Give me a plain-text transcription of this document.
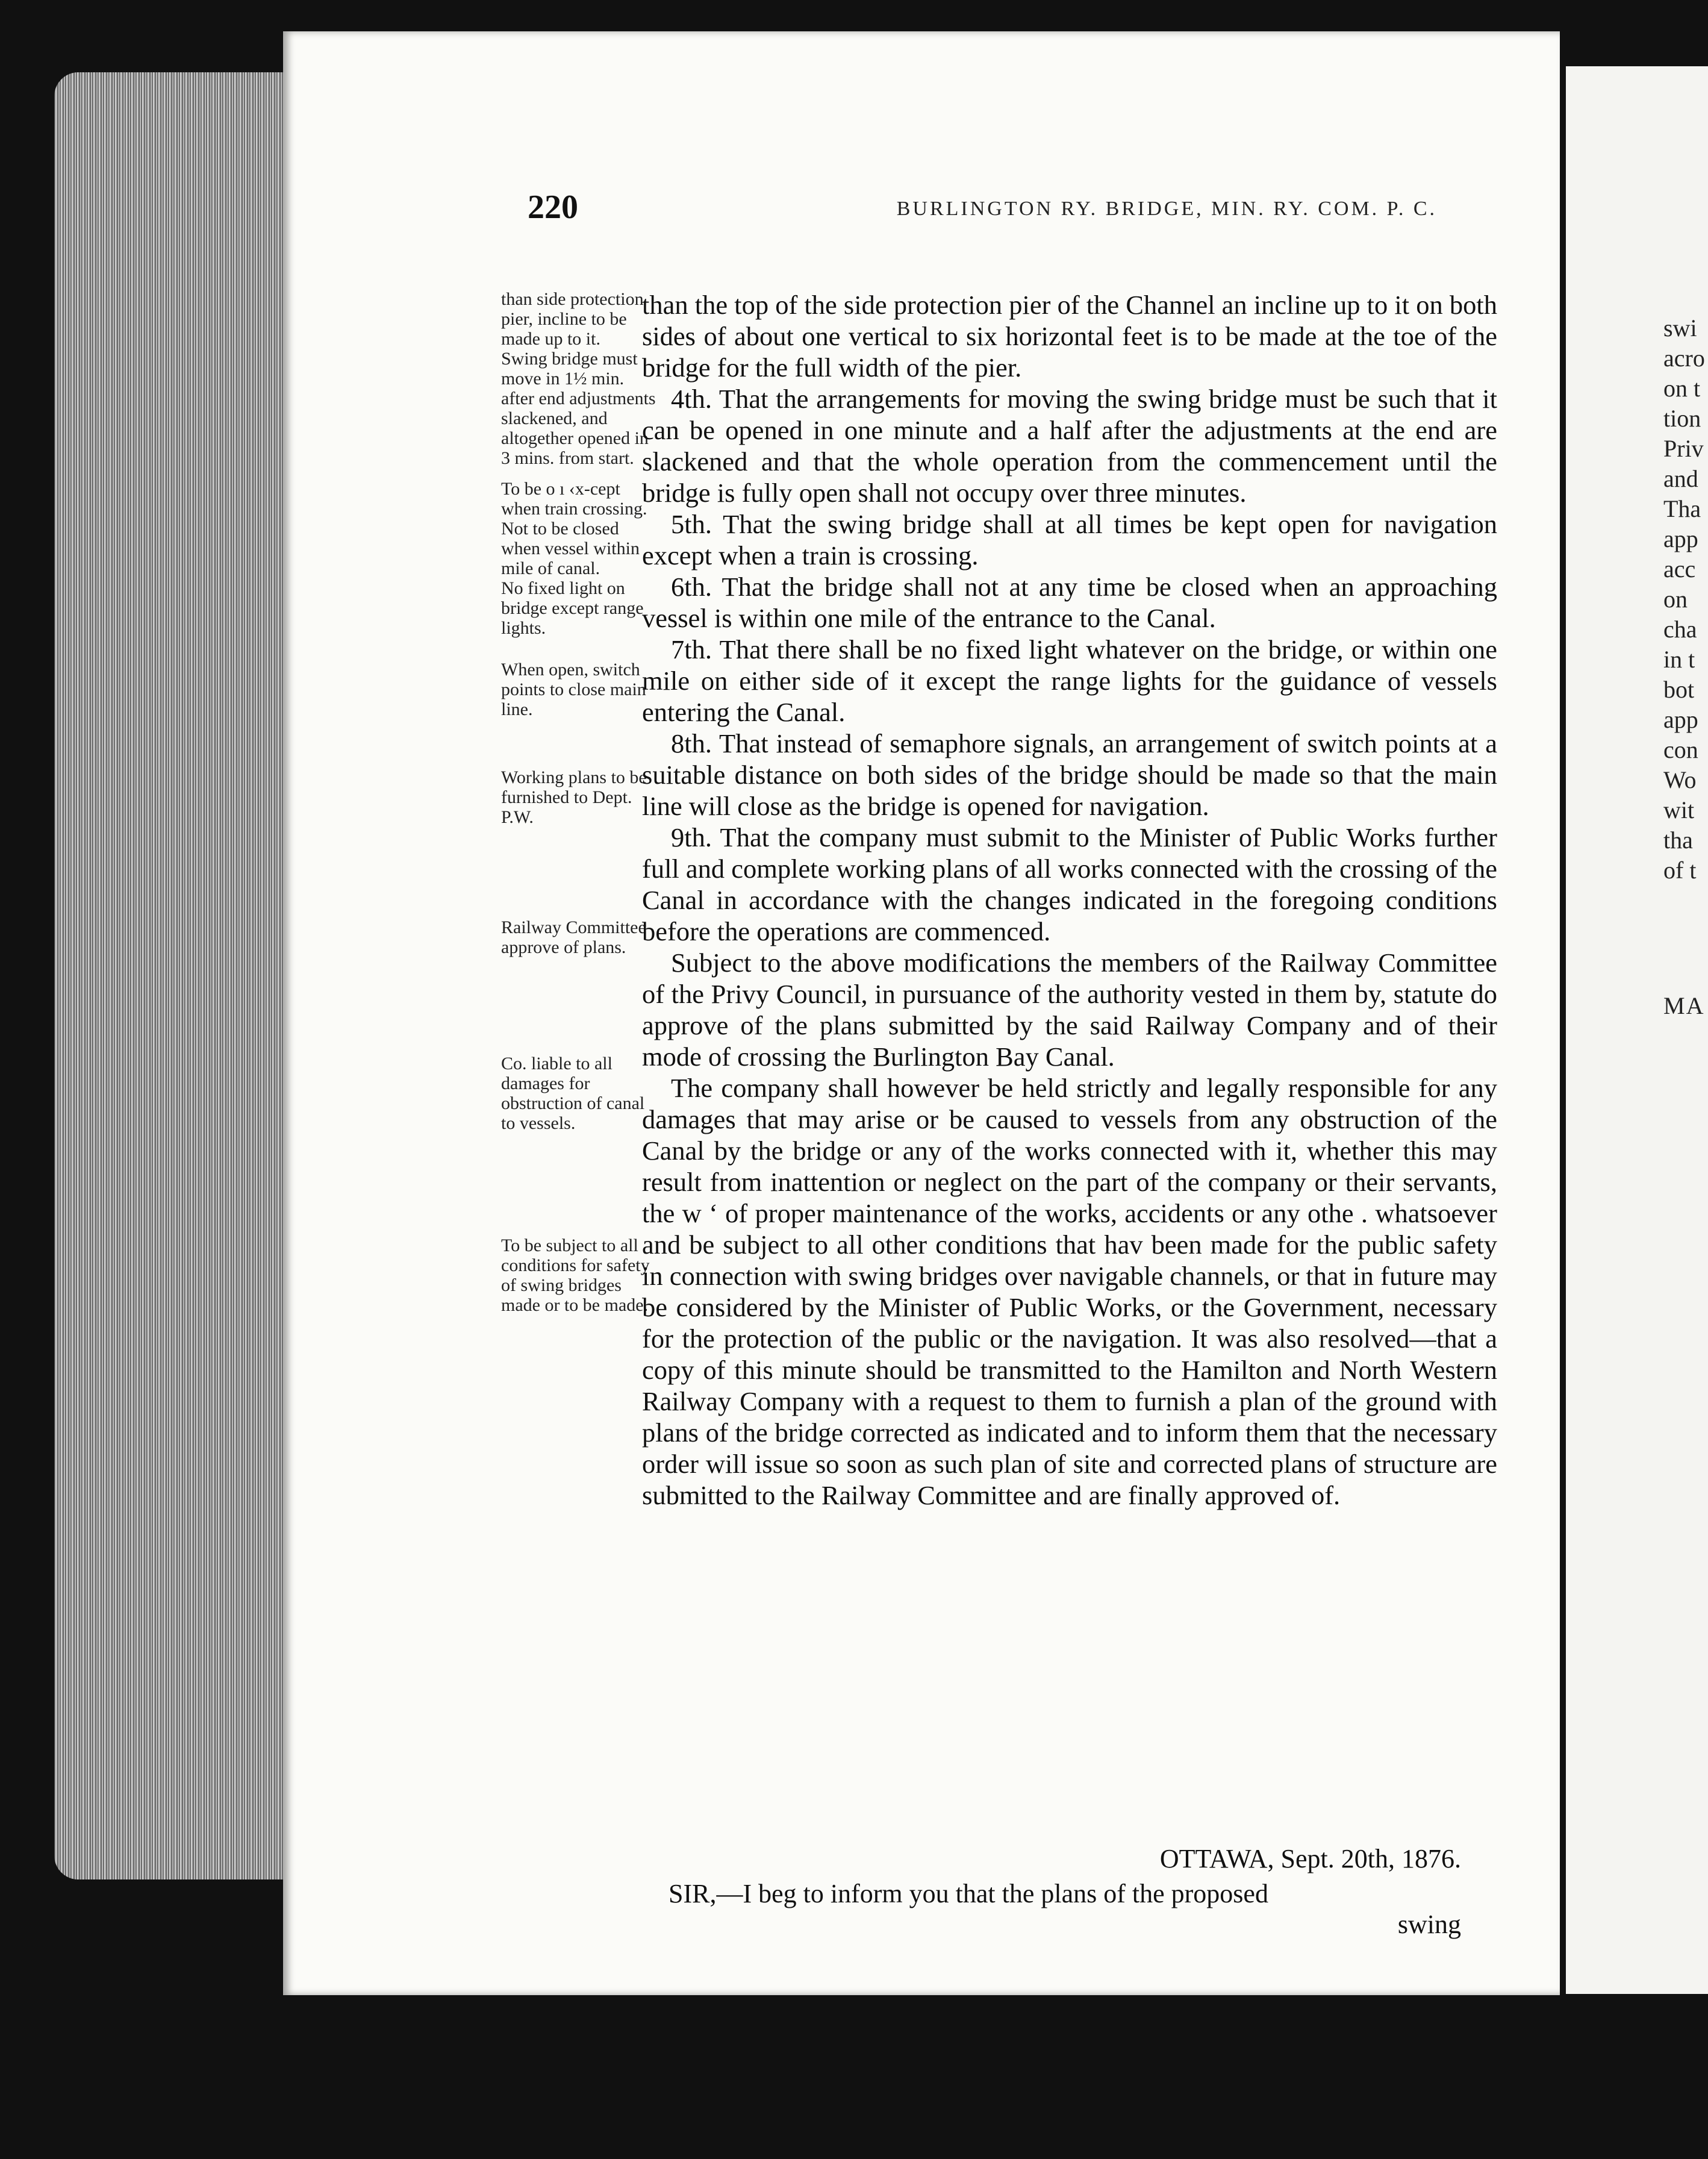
swi
acro
on t
tion
Priv
and
Tha
app
acc
on
cha
in t
bot
app
con
Wo
wit
tha
of t
MA
220	BURLINGTON RY. BRIDGE, MIN. RY. COM. P. C.

than side protection pier, incline to be made up to it.

Swing bridge must move in 1½ min. after end adjustments slackened, and altogether opened in 3 mins. from start.

To be o ı ‹x-cept when train crossing.

Not to be closed when vessel within mile of canal.

No fixed light on bridge except range lights.

When open, switch points to close main line.

Working plans to be furnished to Dept. P.W.

Railway Committee approve of plans.

Co. liable to all damages for obstruction of canal to vessels.

To be subject to all conditions for safety of swing bridges made or to be made.

than the top of the side protection pier of the Channel an incline up to it on both sides of about one vertical to six horizontal feet is to be made at the toe of the bridge for the full width of the pier.

4th. That the arrangements for moving the swing bridge must be such that it can be opened in one minute and a half after the adjustments at the end are slackened and that the whole operation from the commencement until the bridge is fully open shall not occupy over three minutes.

5th. That the swing bridge shall at all times be kept open for navigation except when a train is crossing.

6th. That the bridge shall not at any time be closed when an approaching vessel is within one mile of the entrance to the Canal.

7th. That there shall be no fixed light whatever on the bridge, or within one mile on either side of it except the range lights for the guidance of vessels entering the Canal.

8th. That instead of semaphore signals, an arrangement of switch points at a suitable distance on both sides of the bridge should be made so that the main line will close as the bridge is opened for navigation.

9th. That the company must submit to the Minister of Public Works further full and complete working plans of all works connected with the crossing of the Canal in accordance with the changes indicated in the foregoing conditions before the operations are commenced.

Subject to the above modifications the members of the Railway Committee of the Privy Council, in pursuance of the authority vested in them by, statute do approve of the plans submitted by the said Railway Company and of their mode of crossing the Burlington Bay Canal.

The company shall however be held strictly and legally responsible for any damages that may arise or be caused to vessels from any obstruction of the Canal by the bridge or any of the works connected with it, whether this may result from inattention or neglect on the part of the company or their servants, the w ‘ of proper maintenance of the works, accidents or any othe . whatsoever and be subject to all other conditions that hav been made for the public safety in connection with swing bridges over navigable channels, or that in future may be considered by the Minister of Public Works, or the Government, necessary for the protection of the public or the navigation. It was also resolved—that a copy of this minute should be transmitted to the Hamilton and North Western Railway Company with a request to them to furnish a plan of the ground with plans of the bridge corrected as indicated and to inform them that the necessary order will issue so soon as such plan of site and corrected plans of structure are submitted to the Railway Committee and are finally approved of.

OTTAWA, Sept. 20th, 1876.

SIR,—I beg to inform you that the plans of the proposed

swing
